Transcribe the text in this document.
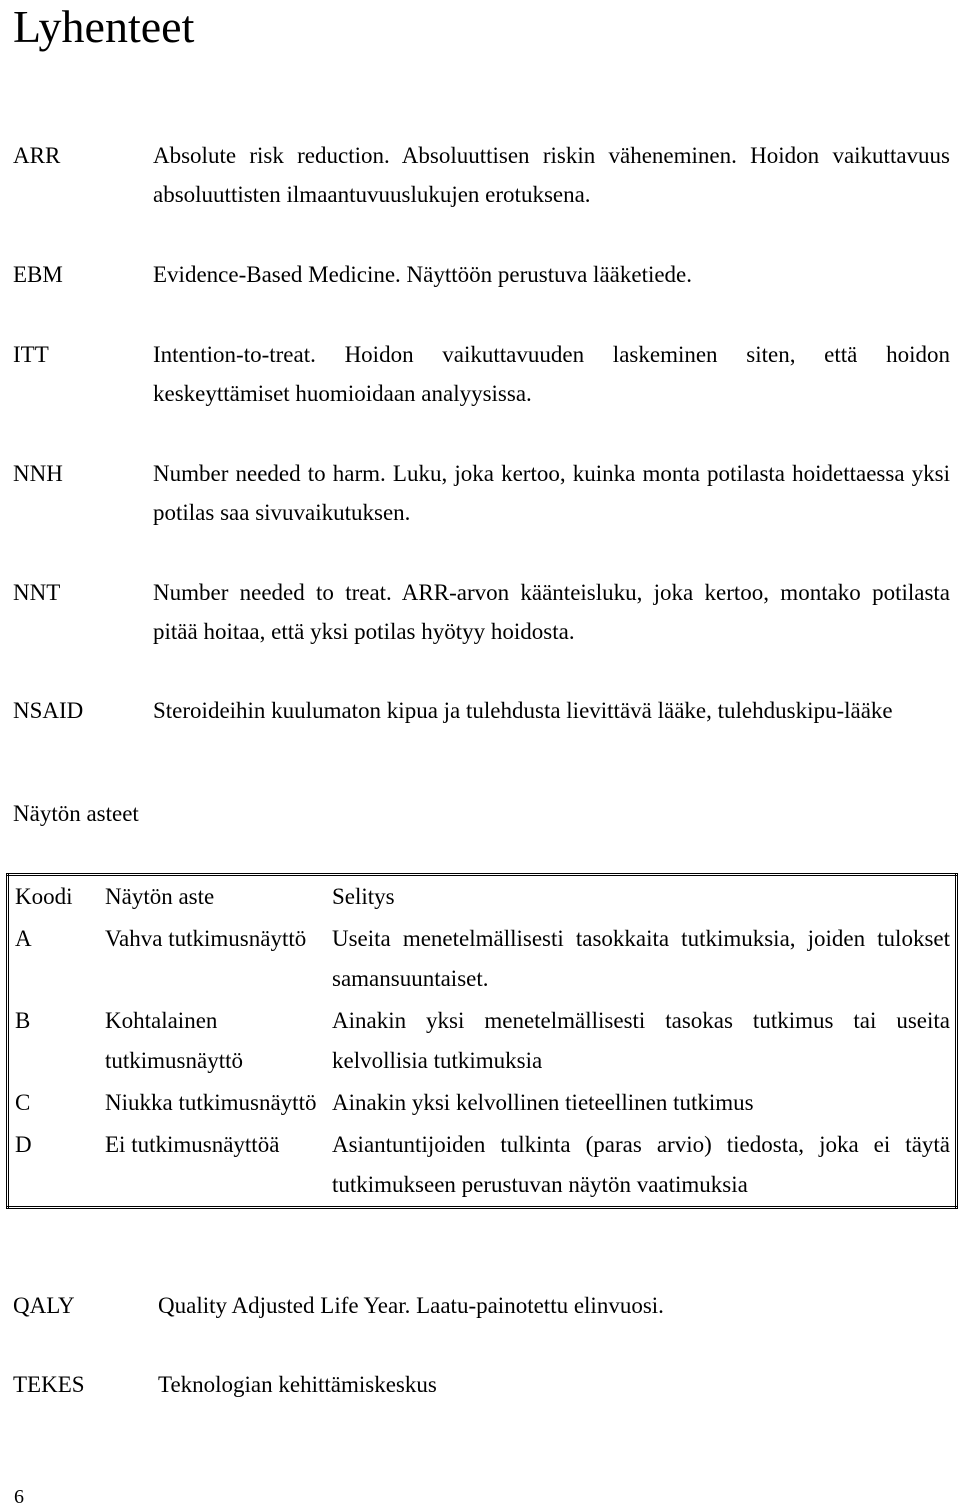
Lyhenteet
ARR	Absolute risk reduction. Absoluuttisen riskin väheneminen. Hoidon vaikuttavuus absoluuttisten ilmaantuvuuslukujen erotuksena.
EBM	Evidence-Based Medicine. Näyttöön perustuva lääketiede.
ITT	Intention-to-treat. Hoidon vaikuttavuuden laskeminen siten, että hoidon keskeyttämiset huomioidaan analyysissa.
NNH	Number needed to harm. Luku, joka kertoo, kuinka monta potilasta hoidettaessa yksi potilas saa sivuvaikutuksen.
NNT	Number needed to treat. ARR-arvon käänteisluku, joka kertoo, montako potilasta pitää hoitaa, että yksi potilas hyötyy hoidosta.
NSAID	Steroideihin kuulumaton kipua ja tulehdusta lievittävä lääke, tulehduskipu-lääke
Näytön asteet
Koodi	Näytön aste	Selitys
A	Vahva tutkimusnäyttö	Useita menetelmällisesti tasokkaita tutkimuksia, joiden tulokset samansuuntaiset.
B	Kohtalainen tutkimusnäyttö	Ainakin yksi menetelmällisesti tasokas tutkimus tai useita kelvollisia tutkimuksia
C	Niukka tutkimusnäyttö	Ainakin yksi kelvollinen tieteellinen tutkimus
D	Ei tutkimusnäyttöä	Asiantuntijoiden tulkinta (paras arvio) tiedosta, joka ei täytä tutkimukseen perustuvan näytön vaatimuksia
QALY	Quality Adjusted Life Year. Laatu-painotettu elinvuosi.
TEKES	Teknologian kehittämiskeskus
6
